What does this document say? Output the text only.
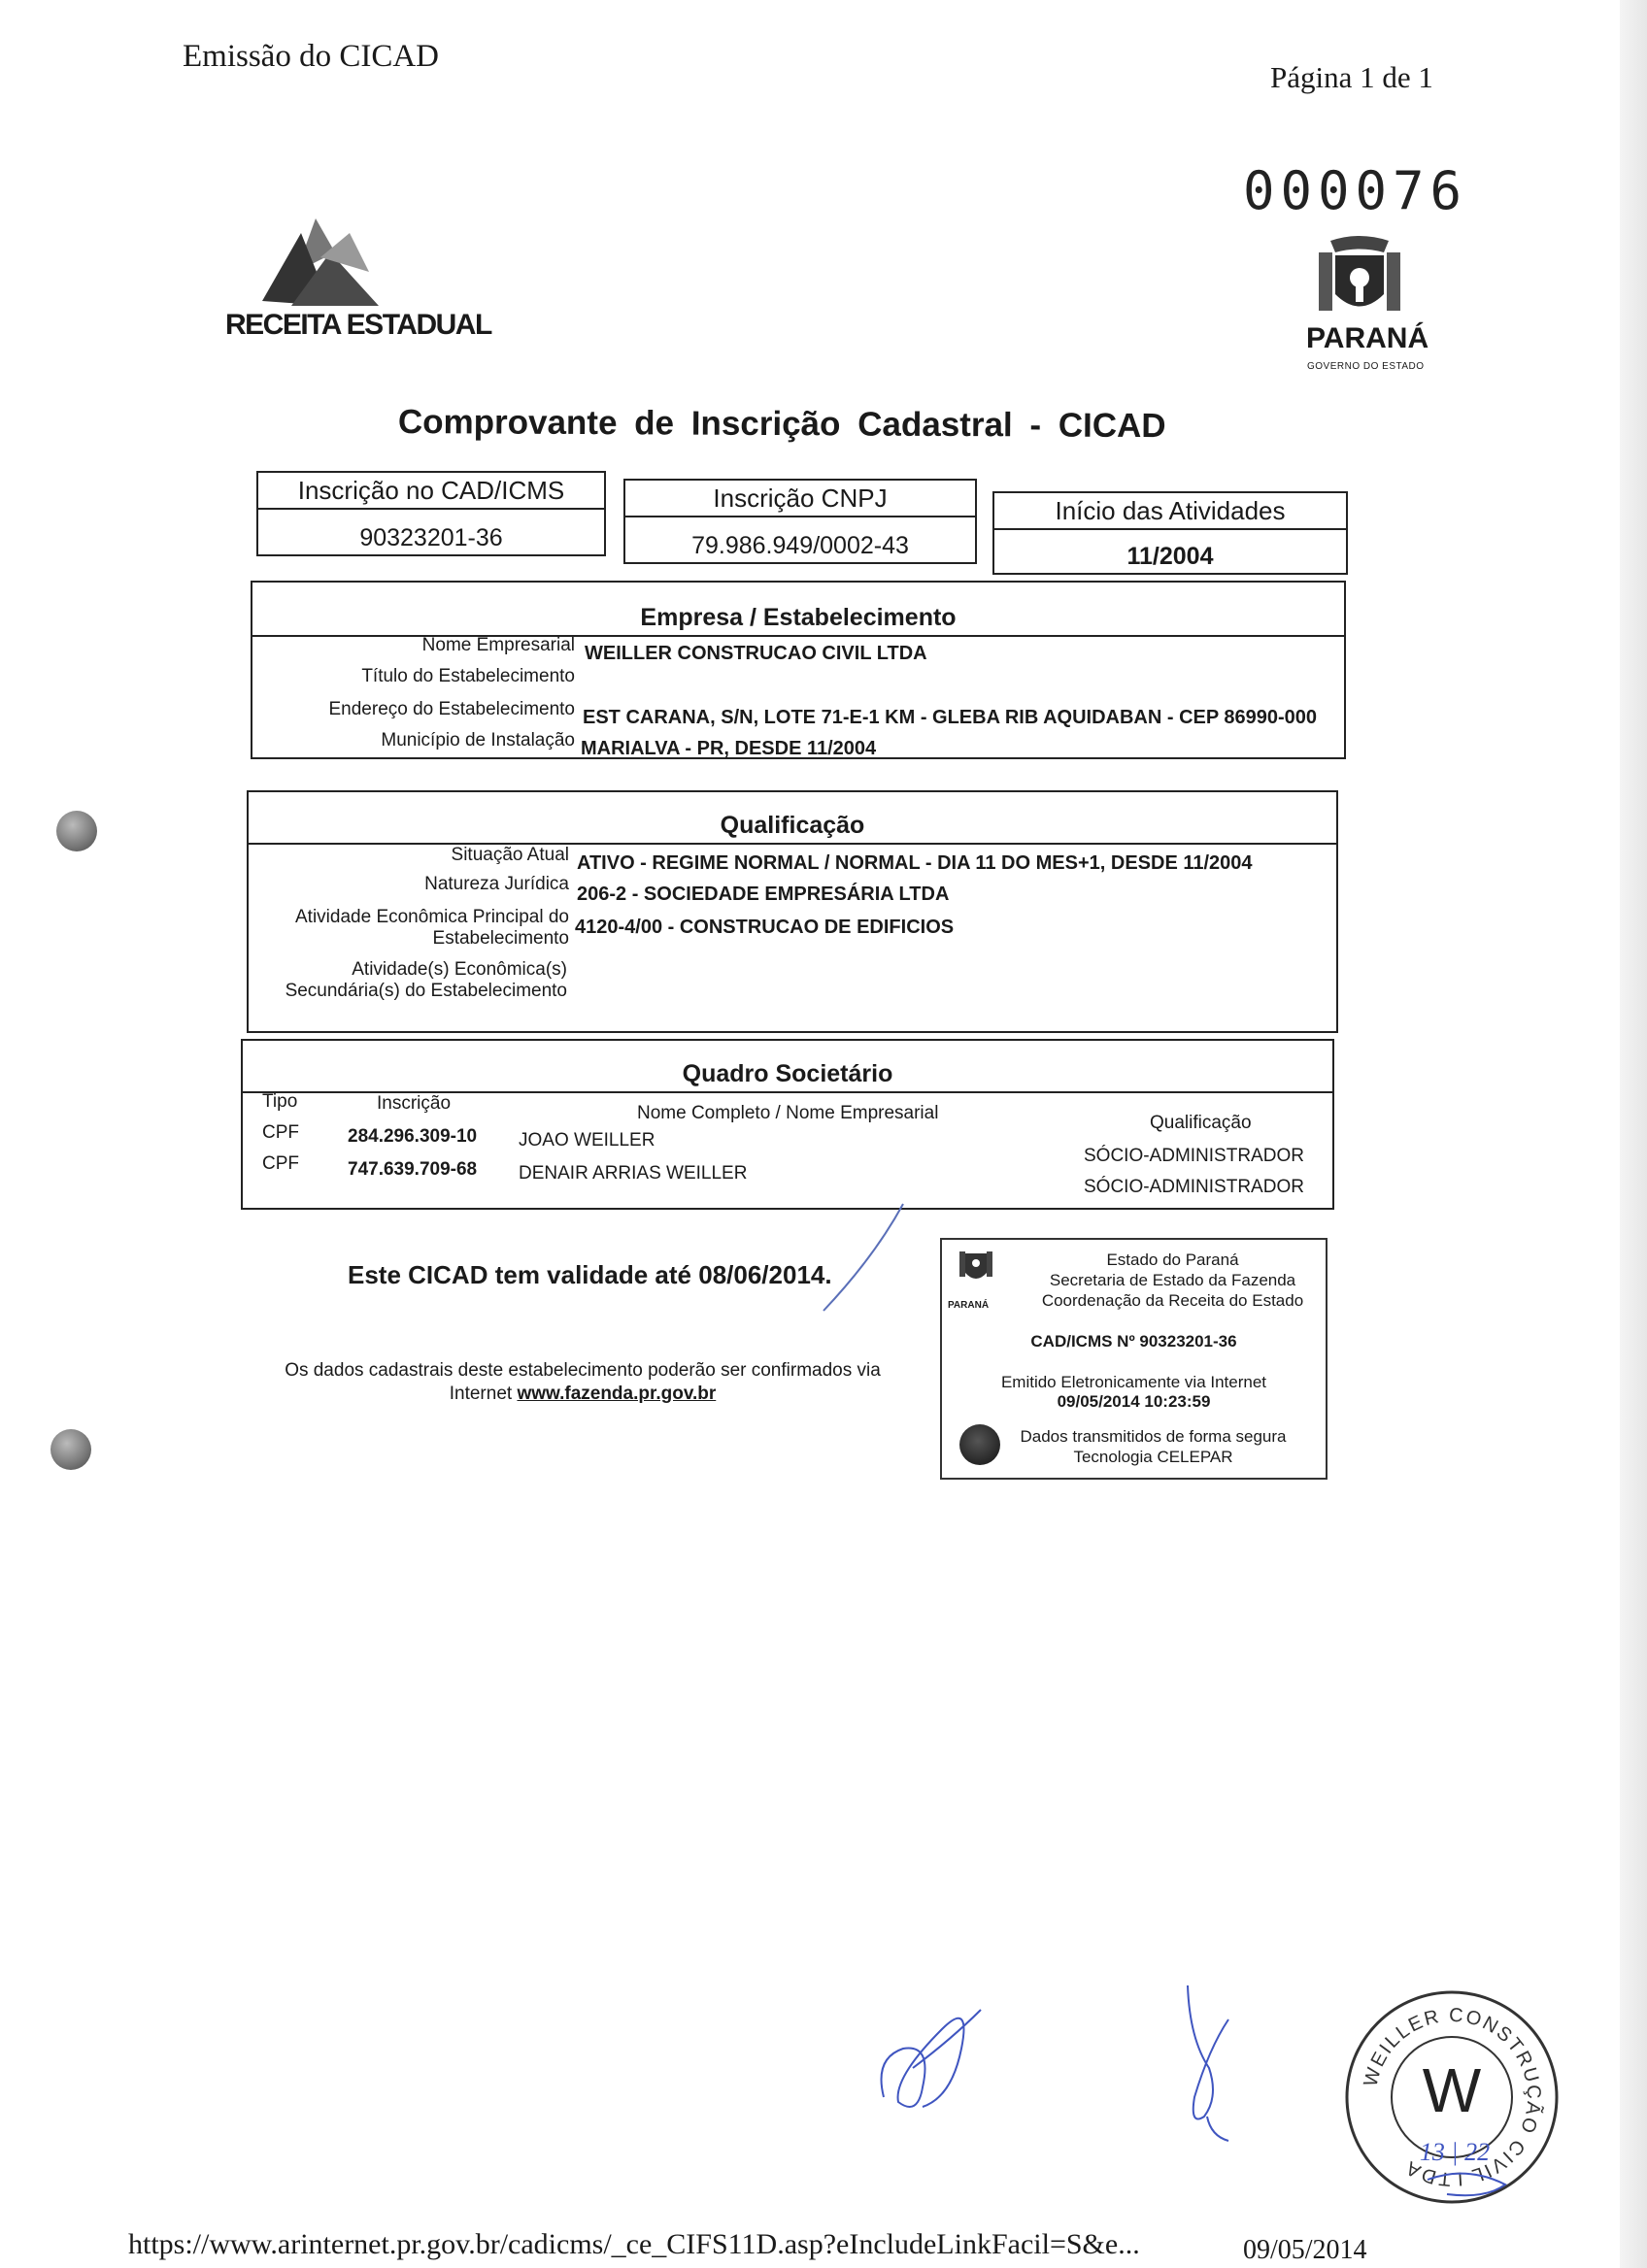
Emissão do CICAD
Página 1 de 1
000076
RECEITA ESTADUAL	PARANÁ
GOVERNO DO ESTADO
Comprovante de Inscrição Cadastral - CICAD
Inscrição no CAD/ICMS
90323201-36
Inscrição CNPJ
79.986.949/0002-43
Início das Atividades
11/2004
Empresa / Estabelecimento
Nome Empresarial WEILLER CONSTRUCAO CIVIL LTDA
Título do Estabelecimento
Endereço do Estabelecimento EST CARANA, S/N, LOTE 71-E-1 KM - GLEBA RIB AQUIDABAN - CEP 86990-000
Município de Instalação MARIALVA - PR, DESDE 11/2004
Qualificação
Situação Atual ATIVO - REGIME NORMAL / NORMAL - DIA 11 DO MES+1, DESDE 11/2004
Natureza Jurídica 206-2 - SOCIEDADE EMPRESÁRIA LTDA
Atividade Econômica Principal do
Estabelecimento
4120-4/00 - CONSTRUCAO DE EDIFICIOS
Atividade(s) Econômica(s)
Secundária(s) do Estabelecimento
Quadro Societário
Tipo	Inscrição	Nome Completo / Nome Empresarial	Qualificação
CPF	284.296.309-10 JOAO WEILLER
SÓCIO-ADMINISTRADOR
CPF	747.639.709-68 DENAIR ARRIAS WEILLER
SÓCIO-ADMINISTRADOR
Este CICAD tem validade até 08/06/2014.
Os dados cadastrais deste estabelecimento poderão ser confirmados via Internet www.fazenda.pr.gov.br
PARANÁ
Estado do Paraná
Secretaria de Estado da Fazenda
Coordenação da Receita do Estado
CAD/ICMS Nº 90323201-36
Emitido Eletronicamente via Internet
09/05/2014 10:23:59
Dados transmitidos de forma segura
Tecnologia CELEPAR
WEILLER CONSTRUÇÃO CIVIL LTDA
W
13 | 22
https://www.arinternet.pr.gov.br/cadicms/_ce_CIFS11D.asp?eIncludeLinkFacil=S&e...	09/05/2014
